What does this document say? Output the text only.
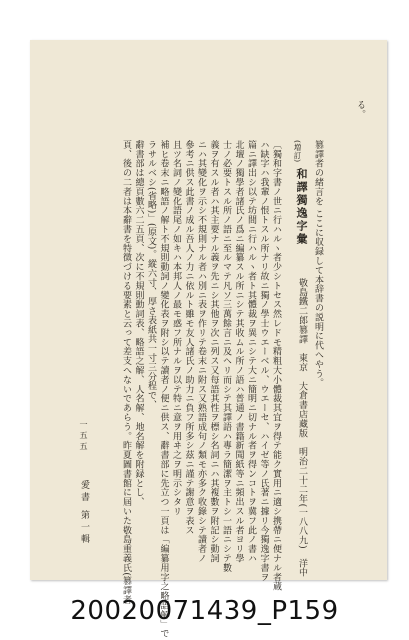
る。
篡譯者の緒言を ここに収録して本辞書の説明に代へやう。
(増訂)
和譯獨逸字彙
敬島鐵二郎篡譯　東京　大倉書店藏版　明治二十二年(一八八九)　洋中
〔獨和字書ノ世ニ行ハルヽ者少シトセス然レドモ精粗大小體裁其宜ヲ得テ能ク實用ニ適シ携帶ニ便ナル者蔵
ハ缺字ハ我輩ノ恨トスル所ナリ故ニ獨ノ學士ウエーベル、ウエーセ、ハイゼ等ノ氏著ニ據リ今獨逸字書ヲ
篇ニ譯出シ以テ坊間ニ行ハルヽ者ト其體裁ヲ異ニシテ大ニ簡明ニ切ナル者ヲ得ンコトヲ冀フ此ノ書ハ
北壇ノ獨學者諸氏ノ爲ニ編纂スル所ニシテ其收ムル所ノ語ハ普通ノ書籍新聞紙等ニ頻出スル者ヨリ學
士ノ必要トスル所ノ語ニ至ルマテ凡ソ三萬餘言ニ及ヘリ而シテ其譯語ハ專ラ簡潔ヲ主トシ一語ニシテ數
義ヲ有スル者ハ其主要ナル義ヲ先ニシ其他ヲ次ニ列ス又每語其性ヲ標シ名詞ニハ其複數ヲ附記シ動詞
ニハ其變化ヲ示シ不規則ナル者ハ別ニ表ヲ作リテ卷末ニ附ス又熟語成句ノ類モ亦多ク收錄シテ讀者ノ
參考ニ供ス此書ノ成ル吾人ノ力ニ依ルト雖モ友人諸氏ノ助力ニ負フ所多シ茲ニ謹テ謝意ヲ表ス
且ツ名詞ノ變化語尾ノ如キハ本邦人ノ最モ惑フ所ナルヲ以テ特ニ意ヲ用ヰ之ヲ明示シタリ
補ヒ卷末ニ略語ノ解ト不規則動詞ノ變化表ヲ附シ以テ讀者ノ便ニ供ス、辭書部に先立つ一頁は「編纂用字之略語解」で
ラサルベシ(省略)」(原文)。縱六寸、厚さ表紙共一寸三分程で、
辭書部は總頁數六二五頁、次に不規則動詞表、略語之解、人名解、地名解を附録とし、
頁、後の二者は本辭書を特徴づける要素と云って差支へないであらう。昨夏圖書館に屆いた敬島重義氏(篡譯者
愛書 第一輯
一五五
20020071439_P159
